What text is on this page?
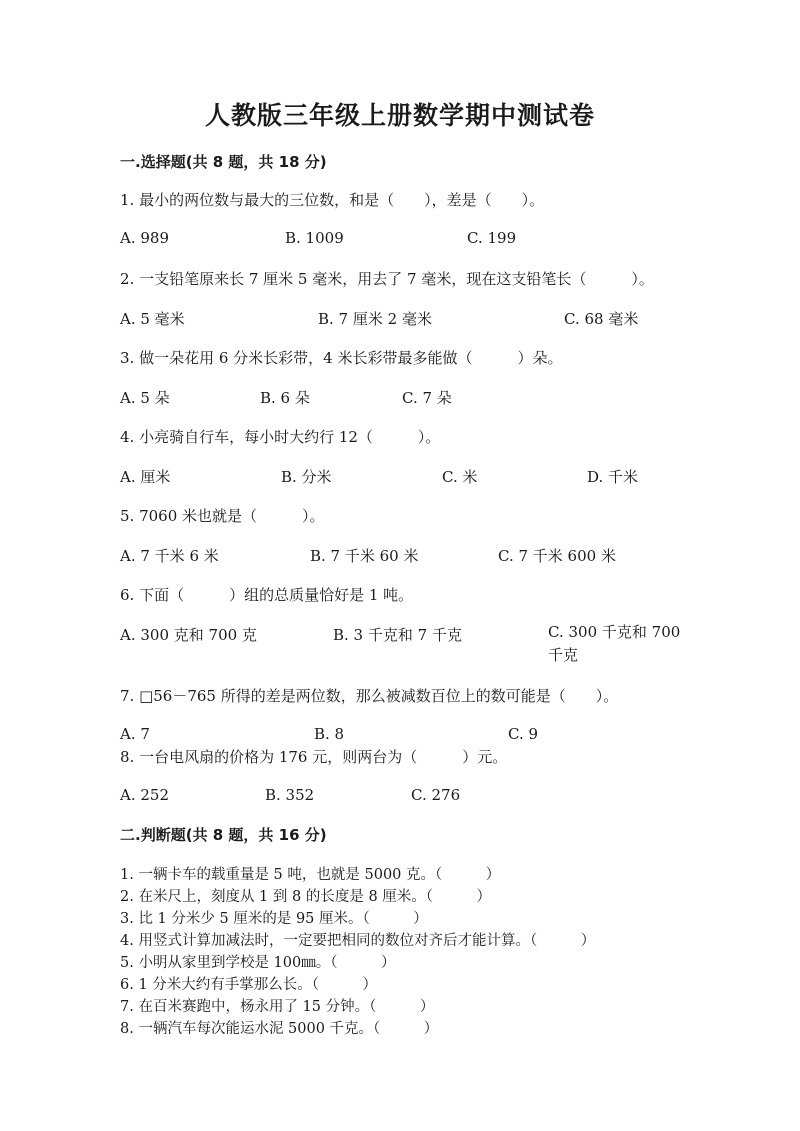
人教版三年级上册数学期中测试卷
一.选择题(共 8 题，共 18 分)
1. 最小的两位数与最大的三位数，和是（　　），差是（　　）。
A. 989	B. 1009	C. 199
2. 一支铅笔原来长 7 厘米 5 毫米，用去了 7 毫米，现在这支铅笔长（　　　）。
A. 5 毫米	B. 7 厘米 2 毫米	C. 68 毫米
3. 做一朵花用 6 分米长彩带，4 米长彩带最多能做（　　　）朵。
A. 5 朵	B. 6 朵	C. 7 朵
4. 小亮骑自行车，每小时大约行 12（　　　）。
A. 厘米	B. 分米	C. 米	D. 千米
5. 7060 米也就是（　　　）。
A. 7 千米 6 米	B. 7 千米 60 米	C. 7 千米 600 米
6. 下面（　　　）组的总质量恰好是 1 吨。
A. 300 克和 700 克	B. 3 千克和 7 千克	C. 300 千克和 700 千克
7. □56－765 所得的差是两位数，那么被减数百位上的数可能是（　　）。
A. 7	B. 8	C. 9
8. 一台电风扇的价格为 176 元，则两台为（　　　）元。
A. 252	B. 352	C. 276
二.判断题(共 8 题，共 16 分)
1. 一辆卡车的载重量是 5 吨，也就是 5000 克。（　　　）
2. 在米尺上，刻度从 1 到 8 的长度是 8 厘米。（　　　）
3. 比 1 分米少 5 厘米的是 95 厘米。（　　　）
4. 用竖式计算加减法时，一定要把相同的数位对齐后才能计算。（　　　）
5. 小明从家里到学校是 100㎜。（　　　）
6. 1 分米大约有手掌那么长。（　　　）
7. 在百米赛跑中，杨永用了 15 分钟。（　　　）
8. 一辆汽车每次能运水泥 5000 千克。（　　　）
